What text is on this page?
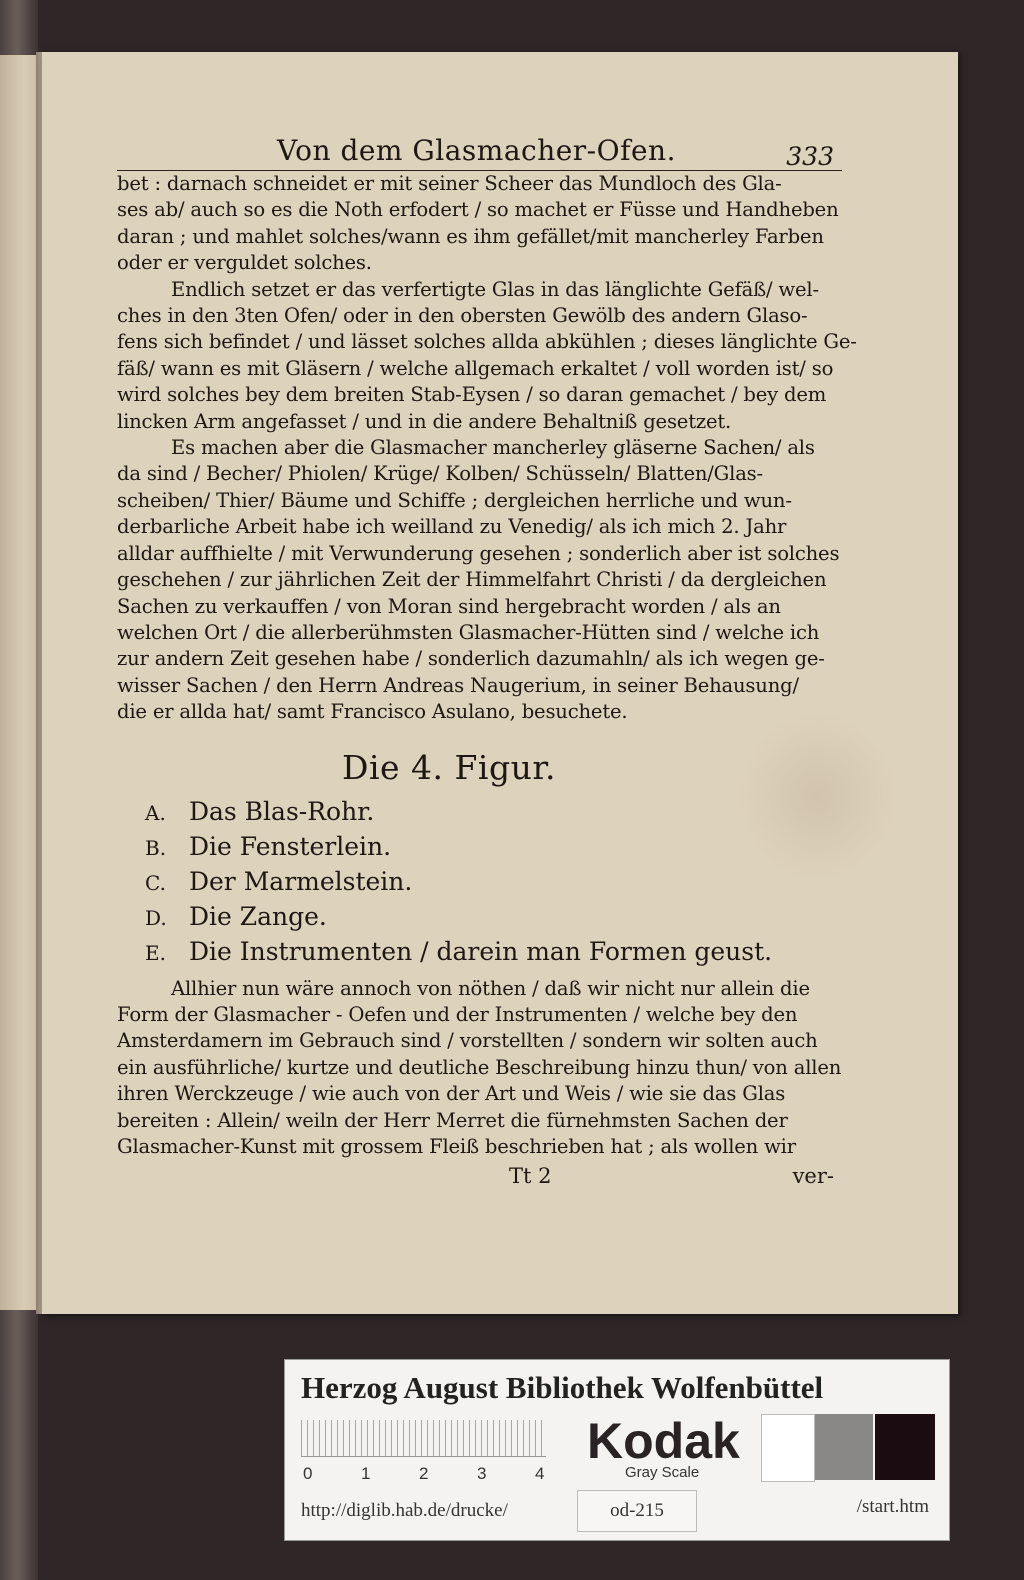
Von dem Glasmacher-Ofen.	333

bet : darnach schneidet er mit seiner Scheer das Mundloch des Gla-
ses ab/ auch so es die Noth erfodert / so machet er Füsse und Handheben
daran ; und mahlet solches/wann es ihm gefället/mit mancherley Farben
oder er verguldet solches.

Endlich setzet er das verfertigte Glas in das länglichte Gefäß/ wel-
ches in den 3ten Ofen/ oder in den obersten Gewölb des andern Glaso-
fens sich befindet / und lässet solches allda abkühlen ; dieses länglichte Ge-
fäß/ wann es mit Gläsern / welche allgemach erkaltet / voll worden ist/ so
wird solches bey dem breiten Stab-Eysen / so daran gemachet / bey dem
lincken Arm angefasset / und in die andere Behaltniß gesetzet.

Es machen aber die Glasmacher mancherley gläserne Sachen/ als
da sind / Becher/ Phiolen/ Krüge/ Kolben/ Schüsseln/ Blatten/Glas-
scheiben/ Thier/ Bäume und Schiffe ; dergleichen herrliche und wun-
derbarliche Arbeit habe ich weilland zu Venedig/ als ich mich 2. Jahr
alldar auffhielte / mit Verwunderung gesehen ; sonderlich aber ist solches
geschehen / zur jährlichen Zeit der Himmelfahrt Christi / da dergleichen
Sachen zu verkauffen / von Moran sind hergebracht worden / als an
welchen Ort / die allerberühmsten Glasmacher-Hütten sind / welche ich
zur andern Zeit gesehen habe / sonderlich dazumahln/ als ich wegen ge-
wisser Sachen / den Herrn Andreas Naugerium, in seiner Behausung/
die er allda hat/ samt Francisco Asulano, besuchete.

Die 4. Figur.
A. Das Blas-Rohr.
B. Die Fensterlein.
C. Der Marmelstein.
D. Die Zange.
E. Die Instrumenten / darein man Formen geust.

Allhier nun wäre annoch von nöthen / daß wir nicht nur allein die
Form der Glasmacher - Oefen und der Instrumenten / welche bey den
Amsterdamern im Gebrauch sind / vorstellten / sondern wir solten auch
ein ausführliche/ kurtze und deutliche Beschreibung hinzu thun/ von allen
ihren Werckzeuge / wie auch von der Art und Weis / wie sie das Glas
bereiten : Allein/ weiln der Herr Merret die fürnehmsten Sachen der
Glasmacher-Kunst mit grossem Fleiß beschrieben hat ; als wollen wir

Tt 2	ver-
Herzog August Bibliothek Wolfenbüttel
0	1	2	3	4
Kodak
Gray Scale
http://diglib.hab.de/drucke/	od-215	/start.htm
